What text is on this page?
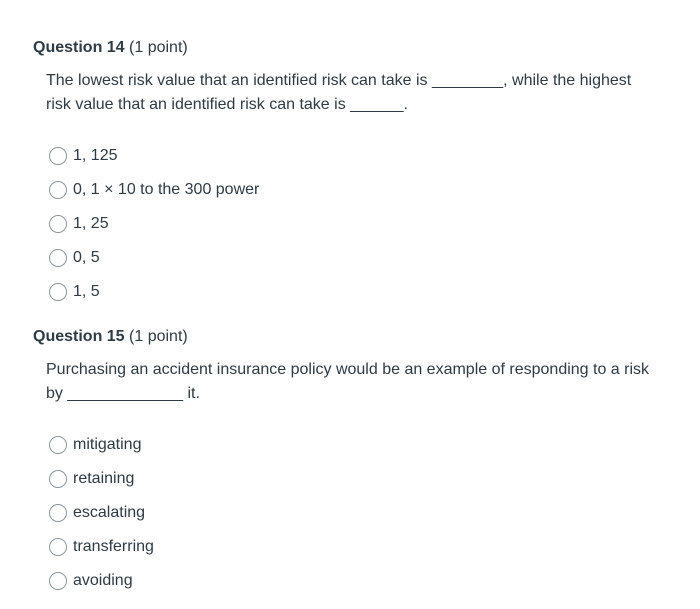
Question 14 (1 point)
The lowest risk value that an identified risk can take is ________, while the highest
risk value that an identified risk can take is ______.
1, 125
0, 1 × 10 to the 300 power
1, 25
0, 5
1, 5
Question 15 (1 point)
Purchasing an accident insurance policy would be an example of responding to a risk
by _____________ it.
mitigating
retaining
escalating
transferring
avoiding
